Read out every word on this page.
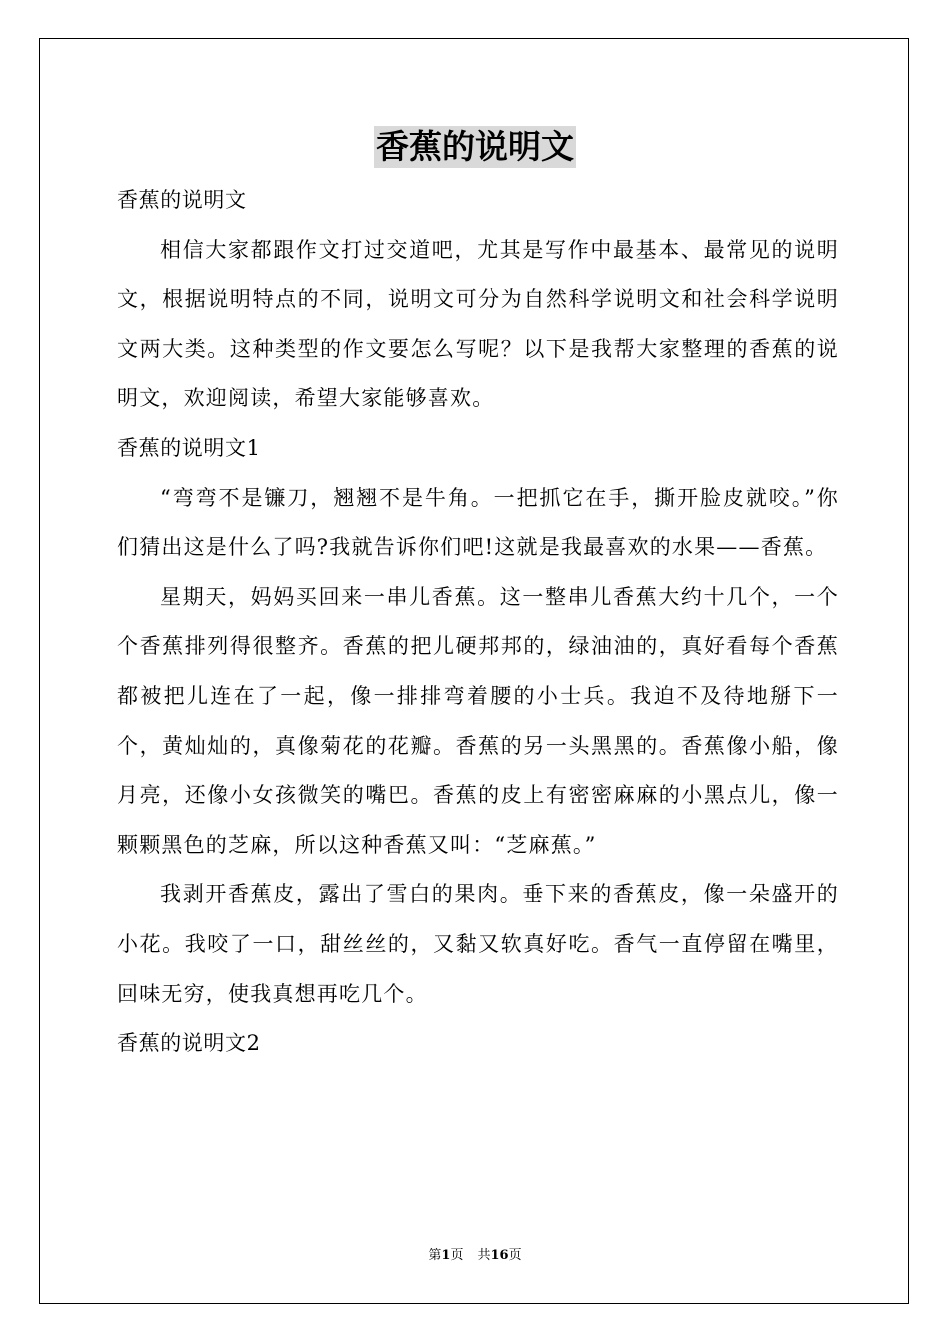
香蕉的说明文

香蕉的说明文

相信大家都跟作文打过交道吧，尤其是写作中最基本、最常见的说明文，根据说明特点的不同，说明文可分为自然科学说明文和社会科学说明文两大类。这种类型的作文要怎么写呢？以下是我帮大家整理的香蕉的说明文，欢迎阅读，希望大家能够喜欢。

香蕉的说明文1

“弯弯不是镰刀，翘翘不是牛角。一把抓它在手，撕开脸皮就咬。”你们猜出这是什么了吗?我就告诉你们吧!这就是我最喜欢的水果——香蕉。

星期天，妈妈买回来一串儿香蕉。这一整串儿香蕉大约十几个，一个个香蕉排列得很整齐。香蕉的把儿硬邦邦的，绿油油的，真好看每个香蕉都被把儿连在了一起，像一排排弯着腰的小士兵。我迫不及待地掰下一个，黄灿灿的，真像菊花的花瓣。香蕉的另一头黑黑的。香蕉像小船，像月亮，还像小女孩微笑的嘴巴。香蕉的皮上有密密麻麻的小黑点儿，像一颗颗黑色的芝麻，所以这种香蕉又叫：“芝麻蕉。”

我剥开香蕉皮，露出了雪白的果肉。垂下来的香蕉皮，像一朵盛开的小花。我咬了一口，甜丝丝的，又黏又软真好吃。香气一直停留在嘴里，回味无穷，使我真想再吃几个。

香蕉的说明文2

第1页 共16页
